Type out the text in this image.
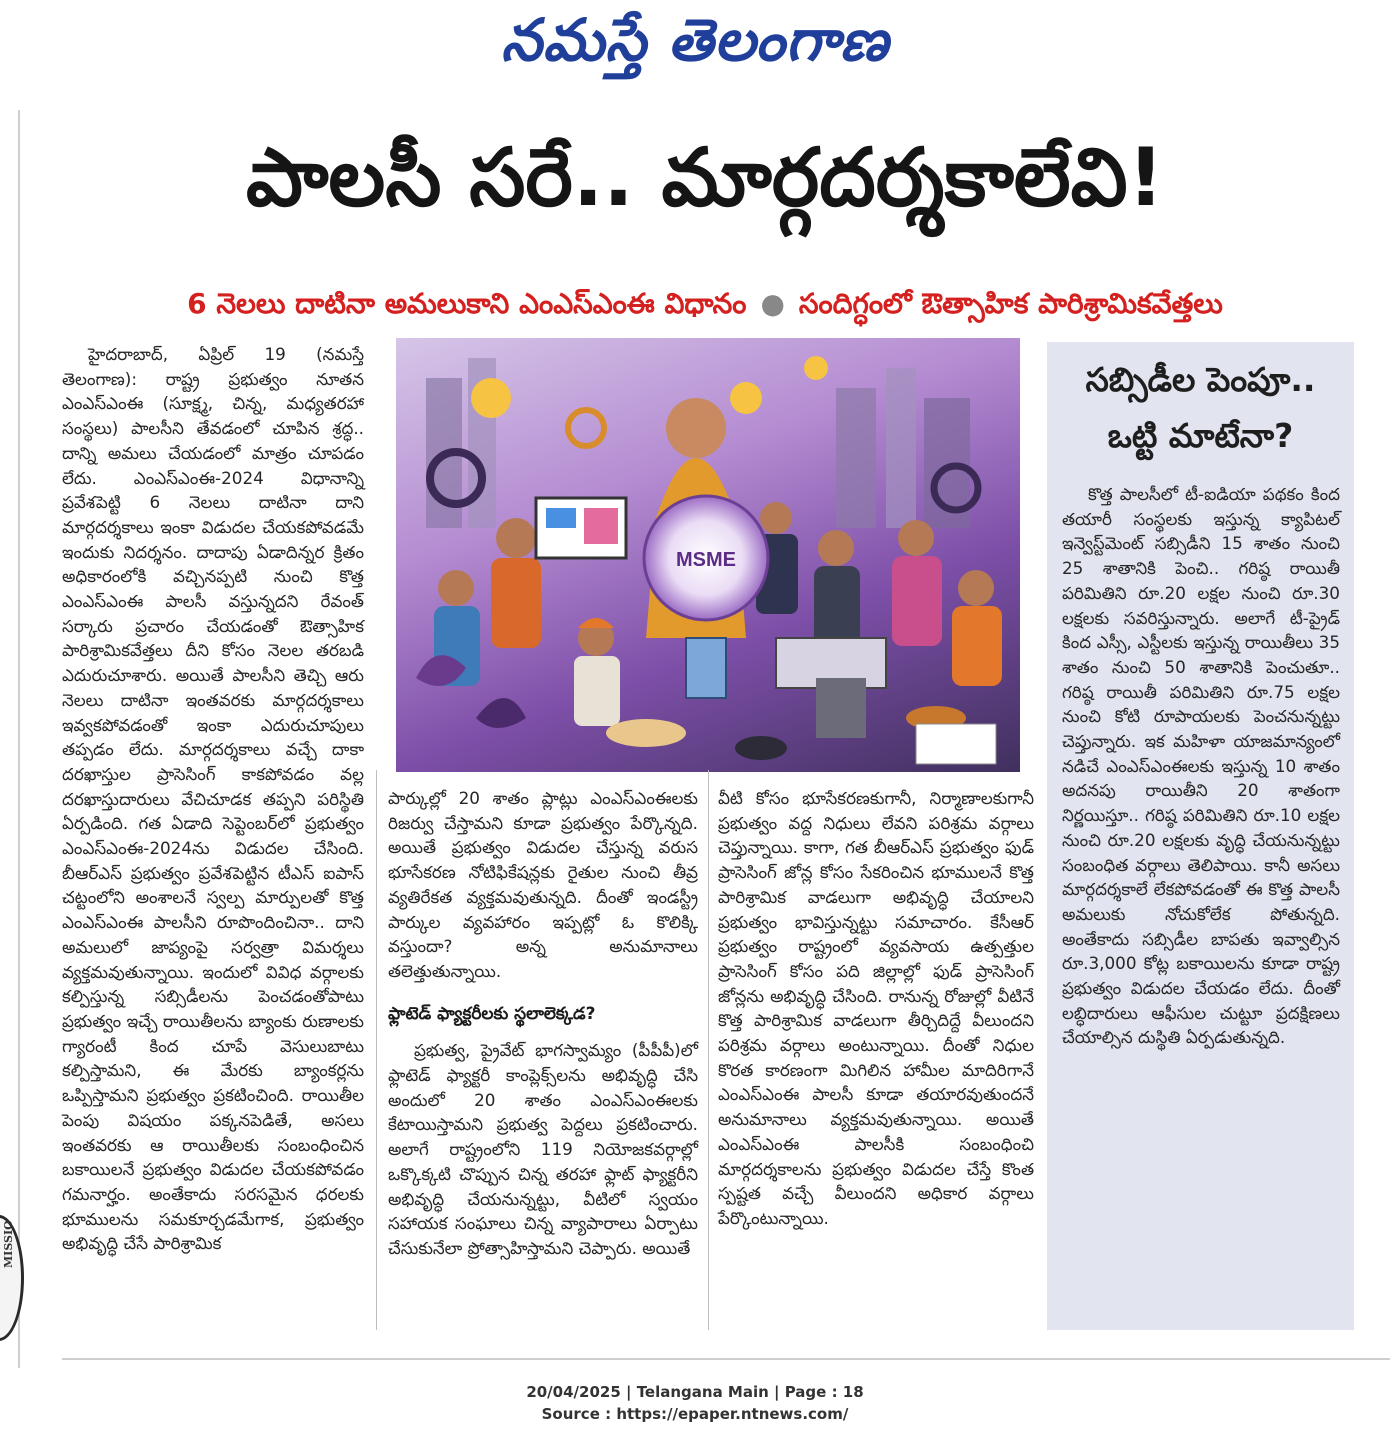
నమస్తే తెలంగాణ
MISSIO
పాలసీ సరే.. మార్గదర్శకాలేవి!
6 నెలలు దాటినా అమలుకాని ఎంఎస్ఎంఈ విధానం ● సందిగ్ధంలో ఔత్సాహిక పారిశ్రామికవేత్తలు

హైదరాబాద్, ఏప్రిల్ 19 (నమస్తే తెలంగాణ): రాష్ట్ర ప్రభుత్వం నూతన ఎంఎస్ఎంఈ (సూక్ష్మ, చిన్న, మధ్యతరహా సంస్థలు) పాలసీని తేవడంలో చూపిన శ్రద్ధ.. దాన్ని అమలు చేయడంలో మాత్రం చూపడం లేదు. ఎంఎస్ఎంఈ-2024 విధానాన్ని ప్రవేశపెట్టి 6 నెలలు దాటినా దాని మార్గదర్శకాలు ఇంకా విడుదల చేయకపోవడమే ఇందుకు నిదర్శనం. దాదాపు ఏడాదిన్నర క్రితం అధికారంలోకి వచ్చినప్పటి నుంచి కొత్త ఎంఎస్ఎంఈ పాలసీ వస్తున్నదని రేవంత్ సర్కారు ప్రచారం చేయడంతో ఔత్సాహిక పారిశ్రామికవేత్తలు దీని కోసం నెలల తరబడి ఎదురుచూశారు. అయితే పాలసీని తెచ్చి ఆరు నెలలు దాటినా ఇంతవరకు మార్గదర్శకాలు ఇవ్వకపోవడంతో ఇంకా ఎదురుచూపులు తప్పడం లేదు. మార్గదర్శకాలు వచ్చే దాకా దరఖాస్తుల ప్రాసెసింగ్ కాకపోవడం వల్ల దరఖాస్తుదారులు వేచిచూడక తప్పని పరిస్థితి ఏర్పడింది. గత ఏడాది సెప్టెంబర్‌లో ప్రభుత్వం ఎంఎస్ఎంఈ-2024ను విడుదల చేసింది. బీఆర్ఎస్ ప్రభుత్వం ప్రవేశపెట్టిన టీఎస్ ఐపాస్ చట్టంలోని అంశాలనే స్వల్ప మార్పులతో కొత్త ఎంఎస్ఎంఈ పాలసీని రూపొందించినా.. దాని అమలులో జాప్యంపై సర్వత్రా విమర్శలు వ్యక్తమవుతున్నాయి. ఇందులో వివిధ వర్గాలకు కల్పిస్తున్న సబ్సిడీలను పెంచడంతోపాటు ప్రభుత్వం ఇచ్చే రాయితీలను బ్యాంకు రుణాలకు గ్యారంటీ కింద చూపే వెసులుబాటు కల్పిస్తామని, ఈ మేరకు బ్యాంకర్లను ఒప్పిస్తామని ప్రభుత్వం ప్రకటించింది. రాయితీల పెంపు విషయం పక్కనపెడితే, అసలు ఇంతవరకు ఆ రాయితీలకు సంబంధించిన బకాయిలనే ప్రభుత్వం విడుదల చేయకపోవడం గమనార్హం. అంతేకాదు సరసమైన ధరలకు భూములను సమకూర్చడమేగాక, ప్రభుత్వం అభివృద్ధి చేసే పారిశ్రామిక

MSME

పార్కుల్లో 20 శాతం ప్లాట్లు ఎంఎస్ఎంఈలకు రిజర్వు చేస్తామని కూడా ప్రభుత్వం పేర్కొన్నది. అయితే ప్రభుత్వం విడుదల చేస్తున్న వరుస భూసేకరణ నోటిఫికేషన్లకు రైతుల నుంచి తీవ్ర వ్యతిరేకత వ్యక్తమవుతున్నది. దీంతో ఇండస్ట్రీ పార్కుల వ్యవహారం ఇప్పట్లో ఓ కొలిక్కి వస్తుందా? అన్న అనుమానాలు తలెత్తుతున్నాయి.

ఫ్లాటెడ్ ఫ్యాక్టరీలకు స్థలాలెక్కడ?

ప్రభుత్వ, ప్రైవేట్ భాగస్వామ్యం (పీపీపీ)లో ఫ్లాటెడ్ ఫ్యాక్టరీ కాంప్లెక్స్‌లను అభివృద్ధి చేసి అందులో 20 శాతం ఎంఎస్ఎంఈలకు కేటాయిస్తామని ప్రభుత్వ పెద్దలు ప్రకటించారు. అలాగే రాష్ట్రంలోని 119 నియోజకవర్గాల్లో ఒక్కొక్కటి చొప్పున చిన్న తరహా ఫ్లాట్ ఫ్యాక్టరీని అభివృద్ధి చేయనున్నట్టు, వీటిలో స్వయం సహాయక సంఘాలు చిన్న వ్యాపారాలు ఏర్పాటు చేసుకునేలా ప్రోత్సాహిస్తామని చెప్పారు. అయితే

వీటి కోసం భూసేకరణకుగానీ, నిర్మాణాలకుగానీ ప్రభుత్వం వద్ద నిధులు లేవని పరిశ్రమ వర్గాలు చెప్తున్నాయి. కాగా, గత బీఆర్ఎస్ ప్రభుత్వం ఫుడ్ ప్రాసెసింగ్ జోన్ల కోసం సేకరించిన భూములనే కొత్త పారిశ్రామిక వాడలుగా అభివృద్ధి చేయాలని ప్రభుత్వం భావిస్తున్నట్టు సమాచారం. కేసీఆర్ ప్రభుత్వం రాష్ట్రంలో వ్యవసాయ ఉత్పత్తుల ప్రాసెసింగ్ కోసం పది జిల్లాల్లో ఫుడ్ ప్రాసెసింగ్ జోన్లను అభివృద్ధి చేసింది. రానున్న రోజుల్లో వీటినే కొత్త పారిశ్రామిక వాడలుగా తీర్చిదిద్దే వీలుందని పరిశ్రమ వర్గాలు అంటున్నాయి. దీంతో నిధుల కొరత కారణంగా మిగిలిన హామీల మాదిరిగానే ఎంఎస్ఎంఈ పాలసీ కూడా తయారవుతుందనే అనుమానాలు వ్యక్తమవుతున్నాయి. అయితే ఎంఎస్ఎంఈ పాలసీకి సంబంధించి మార్గదర్శకాలను ప్రభుత్వం విడుదల చేస్తే కొంత స్పష్టత వచ్చే వీలుందని అధికార వర్గాలు పేర్కొంటున్నాయి.

సబ్సిడీల పెంపూ..
ఒట్టి మాటేనా?

కొత్త పాలసీలో టీ-ఐడియా పథకం కింద తయారీ సంస్థలకు ఇస్తున్న క్యాపిటల్ ఇన్వెస్ట్‌మెంట్ సబ్సిడీని 15 శాతం నుంచి 25 శాతానికి పెంచి.. గరిష్ఠ రాయితీ పరిమితిని రూ.20 లక్షల నుంచి రూ.30 లక్షలకు సవరిస్తున్నారు. అలాగే టీ-ప్రైడ్ కింద ఎస్సీ, ఎస్టీలకు ఇస్తున్న రాయితీలు 35 శాతం నుంచి 50 శాతానికి పెంచుతూ.. గరిష్ఠ రాయితీ పరిమితిని రూ.75 లక్షల నుంచి కోటి రూపాయలకు పెంచనున్నట్టు చెప్తున్నారు. ఇక మహిళా యాజమాన్యంలో నడిచే ఎంఎస్ఎంఈలకు ఇస్తున్న 10 శాతం అదనపు రాయితీని 20 శాతంగా నిర్ణయిస్తూ.. గరిష్ఠ పరిమితిని రూ.10 లక్షల నుంచి రూ.20 లక్షలకు వృద్ధి చేయనున్నట్టు సంబంధిత వర్గాలు తెలిపాయి. కానీ అసలు మార్గదర్శకాలే లేకపోవడంతో ఈ కొత్త పాలసీ అమలుకు నోచుకోలేక పోతున్నది. అంతేకాదు సబ్సిడీల బాపతు ఇవ్వాల్సిన రూ.3,000 కోట్ల బకాయిలను కూడా రాష్ట్ర ప్రభుత్వం విడుదల చేయడం లేదు. దీంతో లబ్ధిదారులు ఆఫీసుల చుట్టూ ప్రదక్షిణలు చేయాల్సిన దుస్థితి ఏర్పడుతున్నది.

20/04/2025 | Telangana Main | Page : 18
Source : https://epaper.ntnews.com/
